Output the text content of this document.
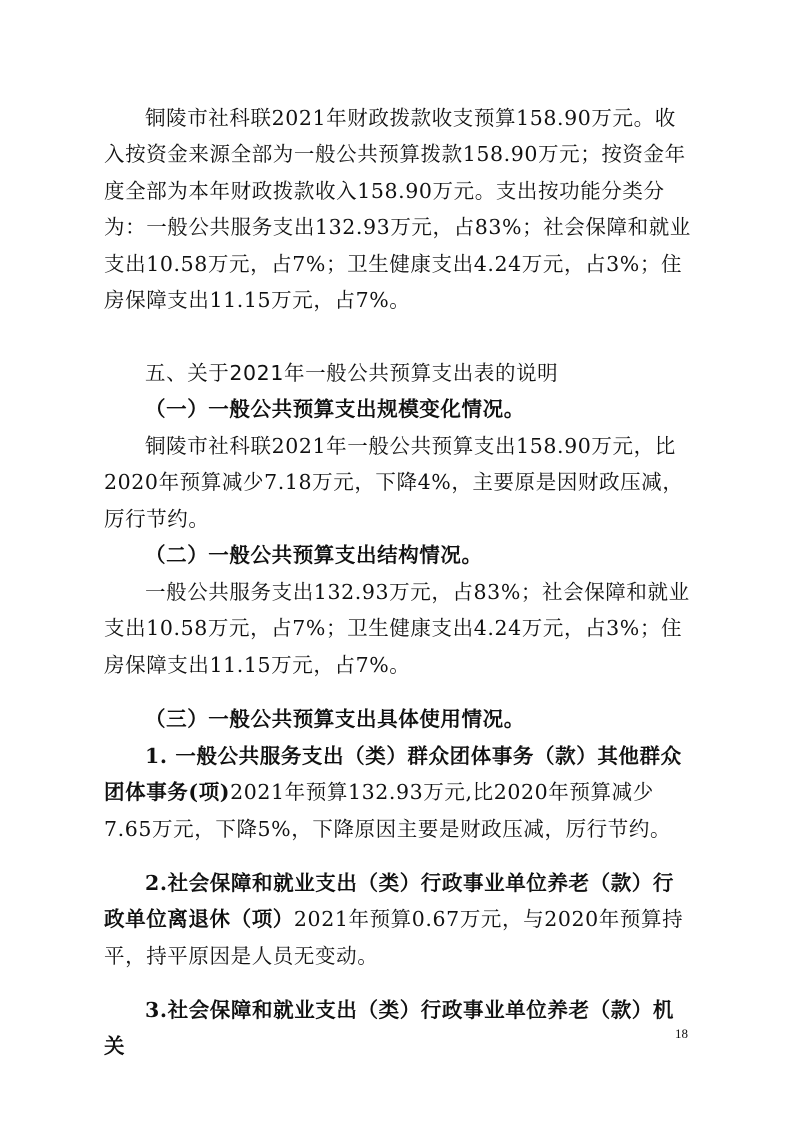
铜陵市社科联2021年财政拨款收支预算158.90万元。收入按资金来源全部为一般公共预算拨款158.90万元；按资金年度全部为本年财政拨款收入158.90万元。支出按功能分类分为：一般公共服务支出132.93万元，占83%；社会保障和就业支出10.58万元，占7%；卫生健康支出4.24万元，占3%；住房保障支出11.15万元，占7%。

五、关于2021年一般公共预算支出表的说明

（一）一般公共预算支出规模变化情况。

铜陵市社科联2021年一般公共预算支出158.90万元，比2020年预算减少7.18万元，下降4%，主要原是因财政压减，厉行节约。

（二）一般公共预算支出结构情况。

一般公共服务支出132.93万元，占83%；社会保障和就业支出10.58万元，占7%；卫生健康支出4.24万元，占3%；住房保障支出11.15万元，占7%。

（三）一般公共预算支出具体使用情况。

1. 一般公共服务支出（类）群众团体事务（款）其他群众团体事务(项)2021年预算132.93万元,比2020年预算减少7.65万元，下降5%，下降原因主要是财政压减，厉行节约。

2.社会保障和就业支出（类）行政事业单位养老（款）行政单位离退休（项）2021年预算0.67万元，与2020年预算持平，持平原因是人员无变动。

3.社会保障和就业支出（类）行政事业单位养老（款）机关

18
